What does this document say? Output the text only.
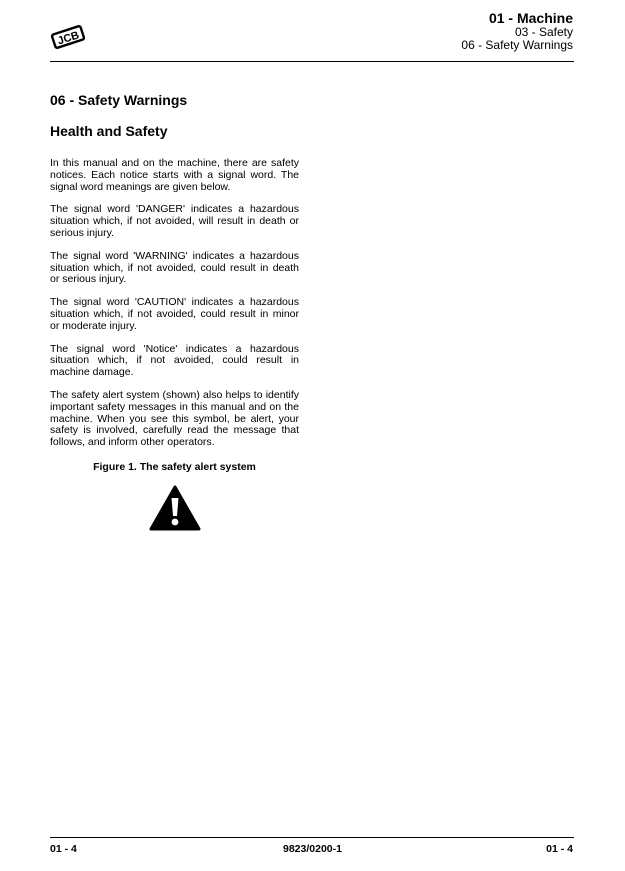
JCB
01 - Machine
03 - Safety
06 - Safety Warnings
06 - Safety Warnings
Health and Safety

In this manual and on the machine, there are safety notices. Each notice starts with a signal word. The signal word meanings are given below.

The signal word 'DANGER' indicates a hazardous situation which, if not avoided, will result in death or serious injury.

The signal word 'WARNING' indicates a hazardous situation which, if not avoided, could result in death or serious injury.

The signal word 'CAUTION' indicates a hazardous situation which, if not avoided, could result in minor or moderate injury.

The signal word 'Notice' indicates a hazardous situation which, if not avoided, could result in machine damage.

The safety alert system (shown) also helps to identify important safety messages in this manual and on the machine. When you see this symbol, be alert, your safety is involved, carefully read the message that follows, and inform other operators.

Figure 1. The safety alert system
01 - 4	9823/0200-1	01 - 4
